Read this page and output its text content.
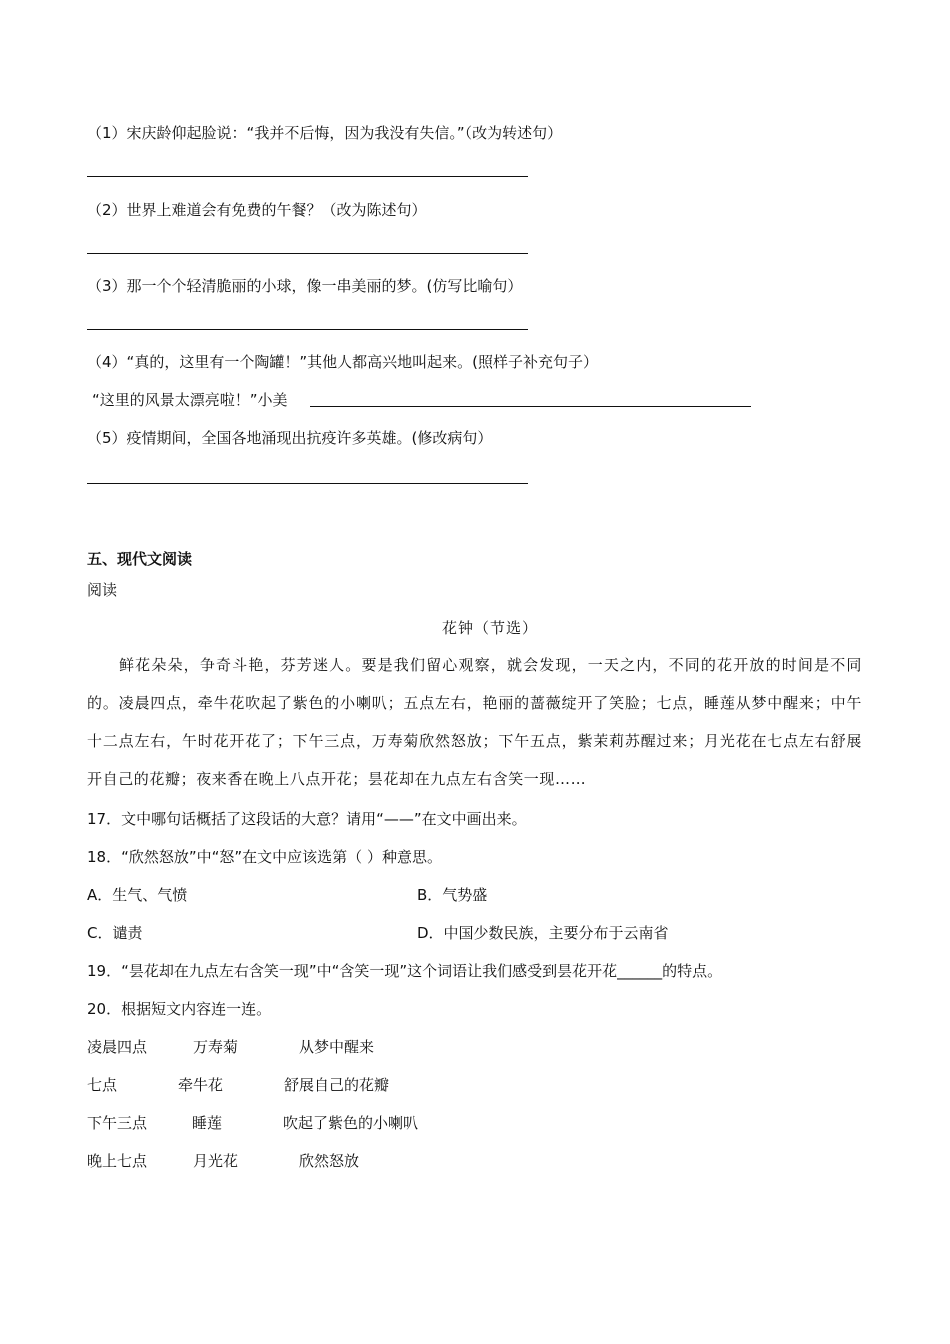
（1）宋庆龄仰起脸说：“我并不后悔，因为我没有失信。”（改为转述句）
（2）世界上难道会有免费的午餐？（改为陈述句）
（3）那一个个轻清脆丽的小球，像一串美丽的梦。(仿写比喻句）
（4）“真的，这里有一个陶罐！”其他人都高兴地叫起来。(照样子补充句子）
“这里的风景太漂亮啦！”小美
（5）疫情期间，全国各地涌现出抗疫许多英雄。(修改病句）
五、现代文阅读
阅读
花钟（节选）
鲜花朵朵，争奇斗艳，芬芳迷人。要是我们留心观察，就会发现，一天之内，不同的花开放的时间是不同的。凌晨四点，牵牛花吹起了紫色的小喇叭；五点左右，艳丽的蔷薇绽开了笑脸；七点，睡莲从梦中醒来；中午十二点左右，午时花开花了；下午三点，万寿菊欣然怒放；下午五点，紫茉莉苏醒过来；月光花在七点左右舒展开自己的花瓣；夜来香在晚上八点开花；昙花却在九点左右含笑一现……
17．文中哪句话概括了这段话的大意？请用“——”在文中画出来。
18．“欣然怒放”中“怒”在文中应该选第（ ）种意思。
A．生气、气愤	B．气势盛
C．谴责	D．中国少数民族，主要分布于云南省
19．“昙花却在九点左右含笑一现”中“含笑一现”这个词语让我们感受到昙花开花______的特点。
20．根据短文内容连一连。
凌晨四点	万寿菊	从梦中醒来
七点	牵牛花	舒展自己的花瓣
下午三点	睡莲	吹起了紫色的小喇叭
晚上七点	月光花	欣然怒放
